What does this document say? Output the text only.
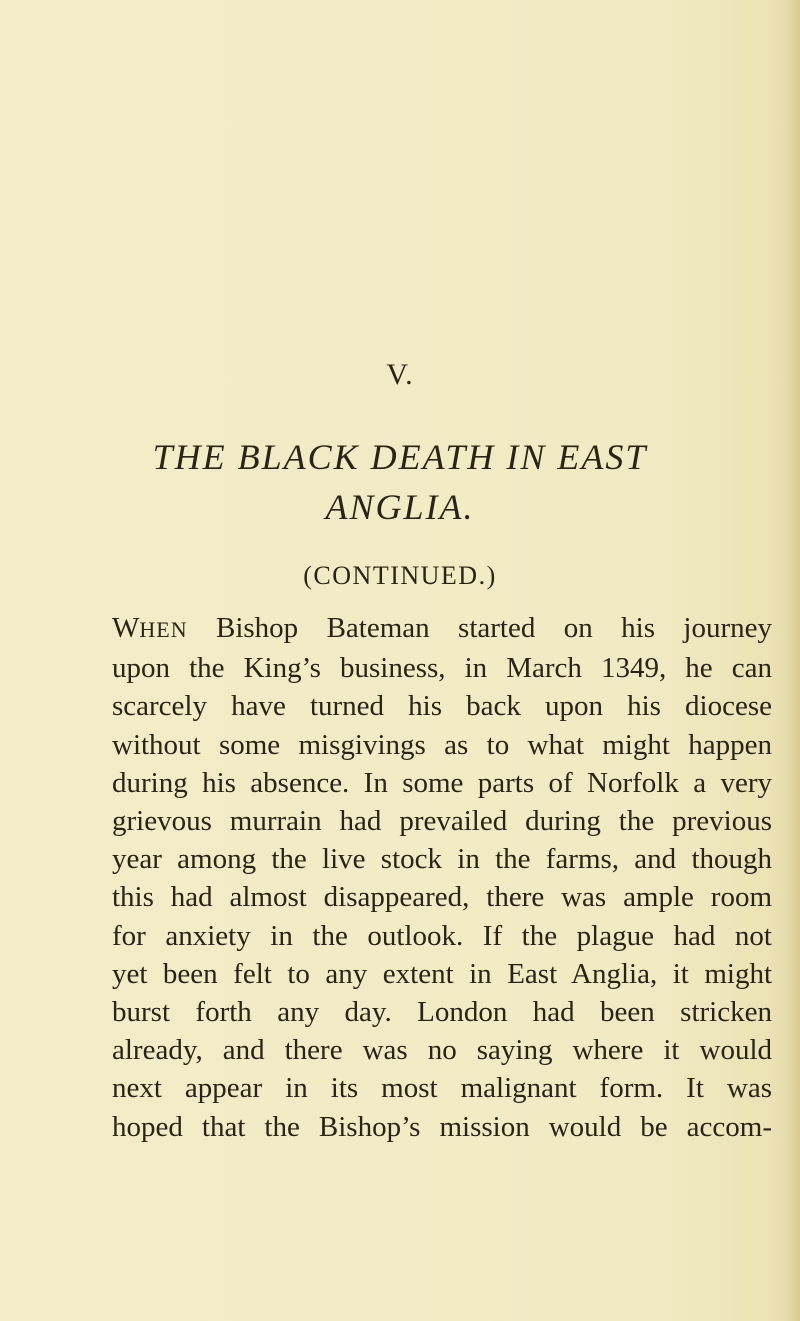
V.
THE BLACK DEATH IN EAST
ANGLIA.
(CONTINUED.)
WHEN Bishop Bateman started on his journey
upon the King’s business, in March 1349, he can
scarcely have turned his back upon his diocese
without some misgivings as to what might happen
during his absence. In some parts of Norfolk a very
grievous murrain had prevailed during the previous
year among the live stock in the farms, and though
this had almost disappeared, there was ample room
for anxiety in the outlook. If the plague had not
yet been felt to any extent in East Anglia, it might
burst forth any day. London had been stricken
already, and there was no saying where it would
next appear in its most malignant form. It was
hoped that the Bishop’s mission would be accom-
